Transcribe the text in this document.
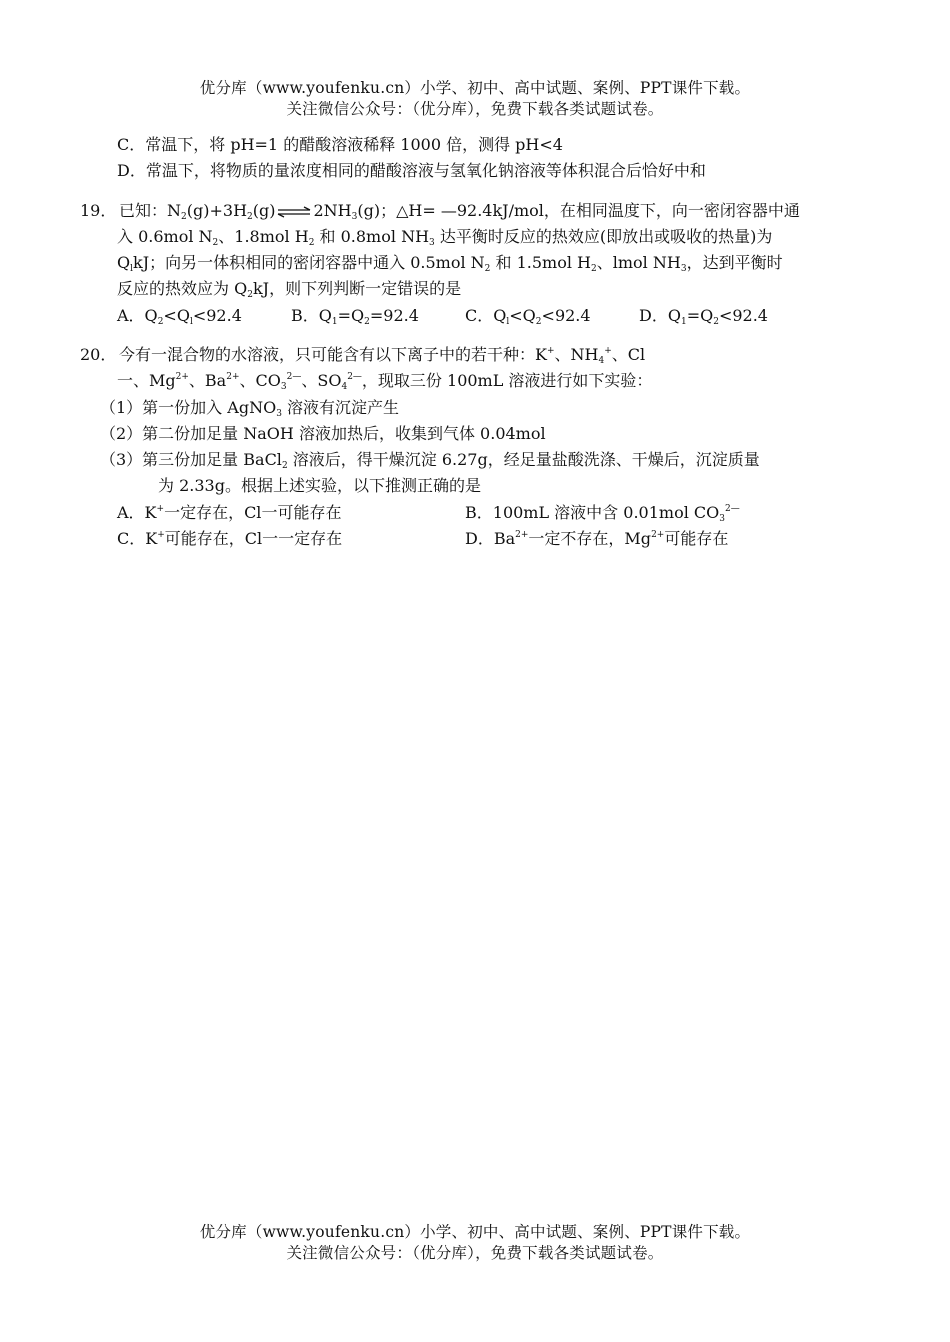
优分库（www.youfenku.cn）小学、初中、高中试题、案例、PPT课件下载。
关注微信公众号：（优分库），免费下载各类试题试卷。
C．常温下，将 pH=1 的醋酸溶液稀释 1000 倍，测得 pH<4
D．常温下，将物质的量浓度相同的醋酸溶液与氢氧化钠溶液等体积混合后恰好中和
19． 已知：$N_2(g)+3H_2(g)\rightleftharpoons 2NH_3(g)$；△H= —92.4kJ/mol，在相同温度下，向一密闭容器中通
入 0.6mol $N_2$、1.8mol $H_2$ 和 0.8mol $NH_3$ 达平衡时反应的热效应(即放出或吸收的热量)为
$Q_lkJ$；向另一体积相同的密闭容器中通入 0.5mol $N_2$ 和 1.5mol $H_2$、lmol $NH_3$，达到平衡时
反应的热效应为 $Q_2kJ$，则下列判断一定错误的是
A．$Q_2<Q_l<92.4$	B．$Q_1=Q_2=92.4$	C．$Q_l<Q_2<92.4$	D．$Q_1=Q_2<92.4$
20． 今有一混合物的水溶液，只可能含有以下离子中的若干种：K+、$NH_4^+$、Cl
一、$Mg^{2+}$、$Ba^{2+}$、$CO_3^{2—}$、$SO_4^{2—}$，现取三份 100mL 溶液进行如下实验：
（1）第一份加入 AgNO$_3$ 溶液有沉淀产生
（2）第二份加足量 NaOH 溶液加热后，收集到气体 0.04mol
（3）第三份加足量 BaCl$_2$ 溶液后，得干燥沉淀 6.27g，经足量盐酸洗涤、干燥后，沉淀质量
为 2.33g。根据上述实验，以下推测正确的是
A．K+一定存在，Cl一可能存在	B．100mL 溶液中含 0.01mol $CO_3^{2—}$
C．K+可能存在，Cl一一定存在	D．$Ba^{2+}$一定不存在，$Mg^{2+}$可能存在
优分库（www.youfenku.cn）小学、初中、高中试题、案例、PPT课件下载。
关注微信公众号：（优分库），免费下载各类试题试卷。
